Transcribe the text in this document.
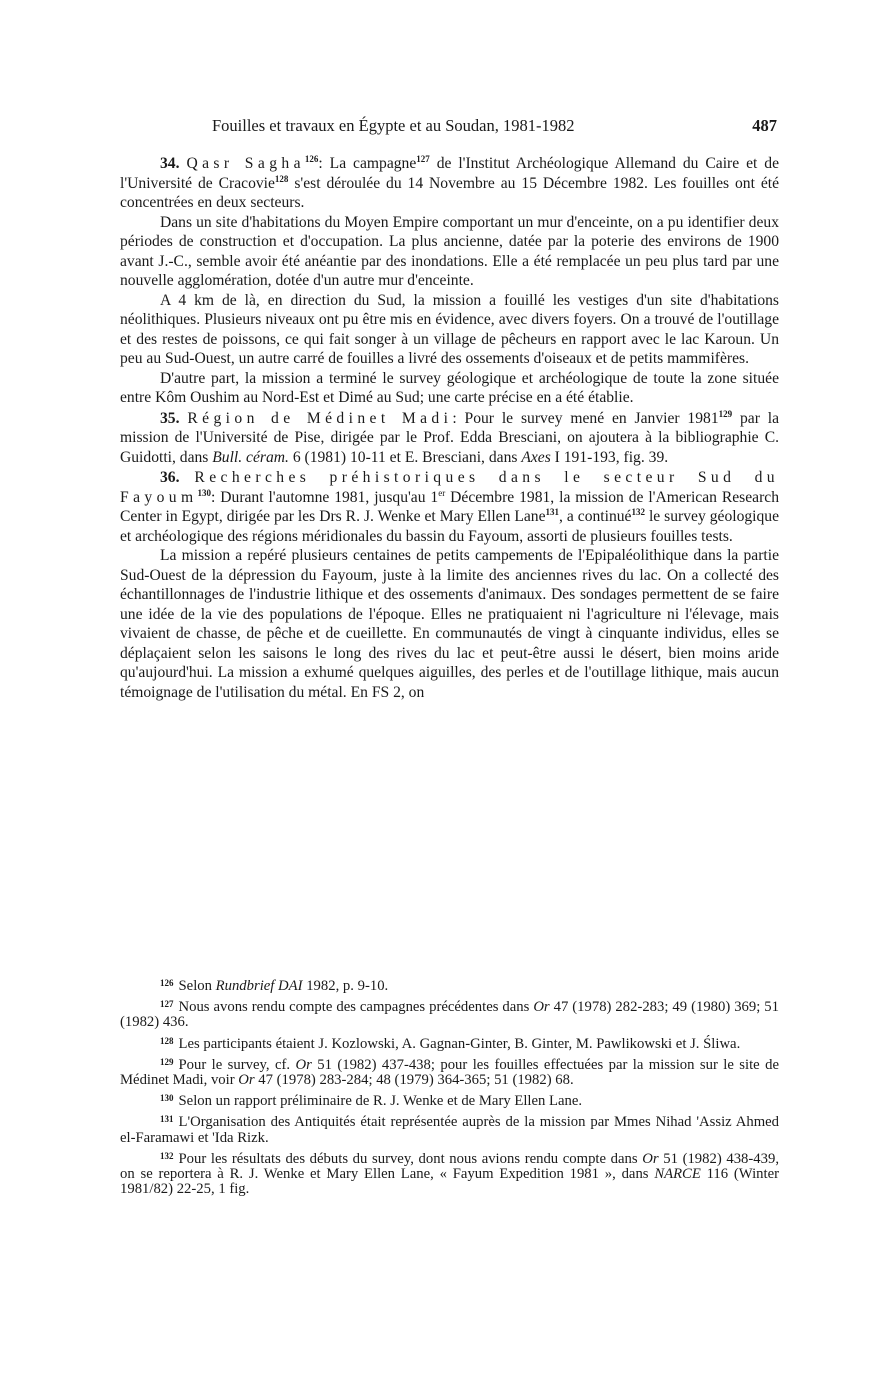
Fouilles et travaux en Égypte et au Soudan, 1981-1982	487

34. Qasr Sagha$^{126}$: La campagne$^{127}$ de l'Institut Archéologique Allemand du Caire et de l'Université de Cracovie$^{128}$ s'est déroulée du 14 Novembre au 15 Décembre 1982. Les fouilles ont été concentrées en deux secteurs.

Dans un site d'habitations du Moyen Empire comportant un mur d'enceinte, on a pu identifier deux périodes de construction et d'occupation. La plus ancienne, datée par la poterie des environs de 1900 avant J.-C., semble avoir été anéantie par des inondations. Elle a été remplacée un peu plus tard par une nouvelle agglomération, dotée d'un autre mur d'enceinte.

A 4 km de là, en direction du Sud, la mission a fouillé les vestiges d'un site d'habitations néolithiques. Plusieurs niveaux ont pu être mis en évidence, avec divers foyers. On a trouvé de l'outillage et des restes de poissons, ce qui fait songer à un village de pêcheurs en rapport avec le lac Karoun. Un peu au Sud-Ouest, un autre carré de fouilles a livré des ossements d'oiseaux et de petits mammifères.

D'autre part, la mission a terminé le survey géologique et archéologique de toute la zone située entre Kôm Oushim au Nord-Est et Dimé au Sud; une carte précise en a été établie.

35. Région de Médinet Madi: Pour le survey mené en Janvier 1981$^{129}$ par la mission de l'Université de Pise, dirigée par le Prof. Edda Bresciani, on ajoutera à la bibliographie C. Guidotti, dans Bull. céram. 6 (1981) 10-11 et E. Bresciani, dans Axes I 191-193, fig. 39.

36. Recherches préhistoriques dans le secteur Sud du Fayoum$^{130}$: Durant l'automne 1981, jusqu'au 1er Décembre 1981, la mission de l'American Research Center in Egypt, dirigée par les Drs R. J. Wenke et Mary Ellen Lane$^{131}$, a continué$^{132}$ le survey géologique et archéologique des régions méridionales du bassin du Fayoum, assorti de plusieurs fouilles tests.

La mission a repéré plusieurs centaines de petits campements de l'Epipaléolithique dans la partie Sud-Ouest de la dépression du Fayoum, juste à la limite des anciennes rives du lac. On a collecté des échantillonnages de l'industrie lithique et des ossements d'animaux. Des sondages permettent de se faire une idée de la vie des populations de l'époque. Elles ne pratiquaient ni l'agriculture ni l'élevage, mais vivaient de chasse, de pêche et de cueillette. En communautés de vingt à cinquante individus, elles se déplaçaient selon les saisons le long des rives du lac et peut-être aussi le désert, bien moins aride qu'aujourd'hui. La mission a exhumé quelques aiguilles, des perles et de l'outillage lithique, mais aucun témoignage de l'utilisation du métal. En FS 2, on

$^{126}$ Selon Rundbrief DAI 1982, p. 9-10.

$^{127}$ Nous avons rendu compte des campagnes précédentes dans Or 47 (1978) 282-283; 49 (1980) 369; 51 (1982) 436.

$^{128}$ Les participants étaient J. Kozlowski, A. Gagnan-Ginter, B. Ginter, M. Pawlikowski et J. Śliwa.

$^{129}$ Pour le survey, cf. Or 51 (1982) 437-438; pour les fouilles effectuées par la mission sur le site de Médinet Madi, voir Or 47 (1978) 283-284; 48 (1979) 364-365; 51 (1982) 68.

$^{130}$ Selon un rapport préliminaire de R. J. Wenke et de Mary Ellen Lane.

$^{131}$ L'Organisation des Antiquités était représentée auprès de la mission par Mmes Nihad 'Assiz Ahmed el-Faramawi et 'Ida Rizk.

$^{132}$ Pour les résultats des débuts du survey, dont nous avions rendu compte dans Or 51 (1982) 438-439, on se reportera à R. J. Wenke et Mary Ellen Lane, « Fayum Expedition 1981 », dans NARCE 116 (Winter 1981/82) 22-25, 1 fig.
